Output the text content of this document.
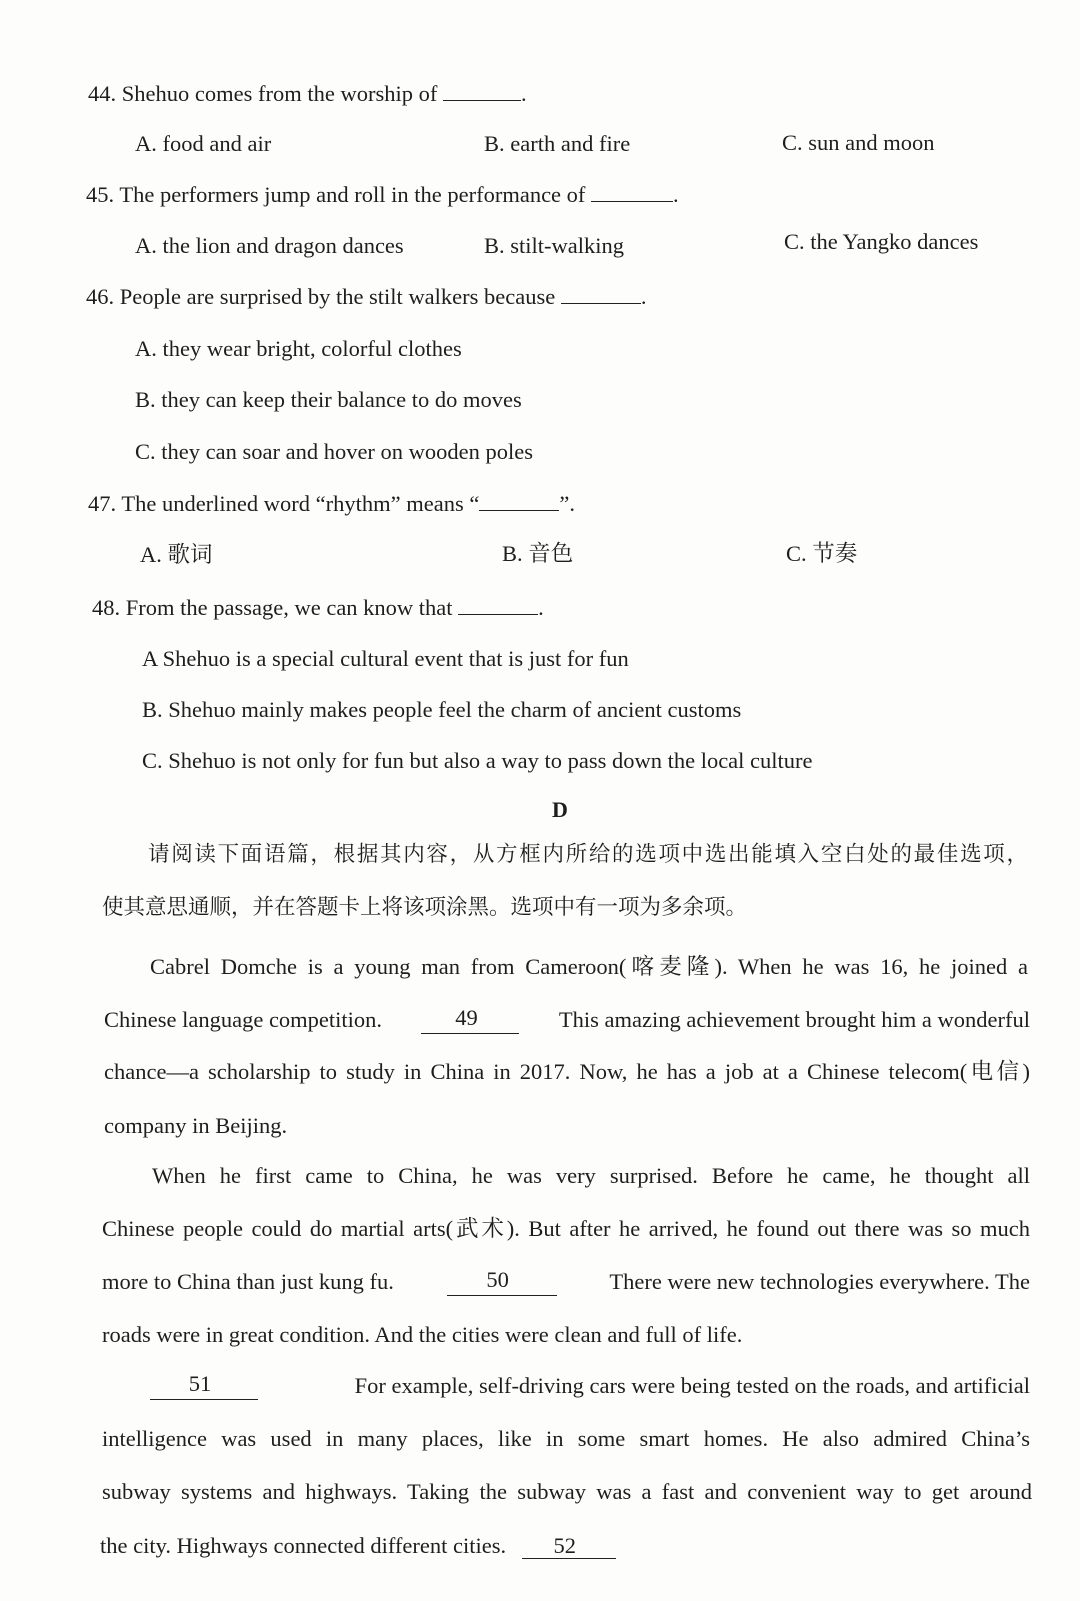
44. Shehuo comes from the worship of	.
A. food and air	B. earth and fire	C. sun and moon
45. The performers jump and roll in the performance of	.
A. the lion and dragon dances	B. stilt-walking	C. the Yangko dances
46. People are surprised by the stilt walkers because	.
A. they wear bright, colorful clothes
B. they can keep their balance to do moves
C. they can soar and hover on wooden poles
47. The underlined word “rhythm” means “	”.
A. 歌词	B. 音色	C. 节奏
48. From the passage, we can know that	.
A Shehuo is a special cultural event that is just for fun
B. Shehuo mainly makes people feel the charm of ancient customs
C. Shehuo is not only for fun but also a way to pass down the local culture
D
请阅读下面语篇，根据其内容，从方框内所给的选项中选出能填入空白处的最佳选项，
使其意思通顺，并在答题卡上将该项涂黑。选项中有一项为多余项。
Cabrel Domche is a young man from Cameroon(喀麦隆). When he was 16, he joined a
Chinese language competition.	49	This amazing achievement brought him a wonderful
chance—a scholarship to study in China in 2017. Now, he has a job at a Chinese telecom(电信)
company in Beijing.
When he first came to China, he was very surprised. Before he came, he thought all
Chinese people could do martial arts(武术). But after he arrived, he found out there was so much
more to China than just kung fu.	50	There were new technologies everywhere. The
roads were in great condition. And the cities were clean and full of life.
51	For example, self-driving cars were being tested on the roads, and artificial
intelligence was used in many places, like in some smart homes. He also admired China’s
subway systems and highways. Taking the subway was a fast and convenient way to get around
the city. Highways connected different cities. 52
